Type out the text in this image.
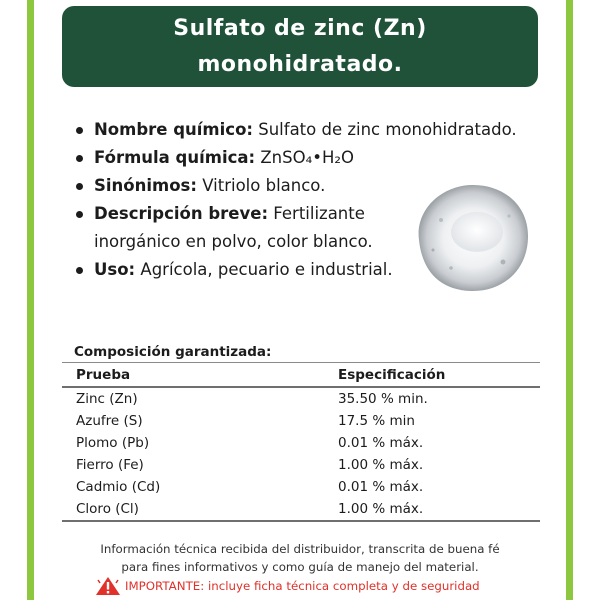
Sulfato de zinc (Zn)
monohidratado.
Nombre químico: Sulfato de zinc monohidratado.
Fórmula química: ZnSO₄•H₂O
Sinónimos: Vitriolo blanco.
Descripción breve: Fertilizante inorgánico en polvo, color blanco.
Uso: Agrícola, pecuario e industrial.
Composición garantizada:
Prueba	Especificación
Zinc (Zn)	35.50 % min.
Azufre (S)	17.5 % min
Plomo (Pb)	0.01 % máx.
Fierro (Fe)	1.00 % máx.
Cadmio (Cd)	0.01 % máx.
Cloro (Cl)	1.00 % máx.
Información técnica recibida del distribuidor, transcrita de buena fé
para fines informativos y como guía de manejo del material.
IMPORTANTE: incluye ficha técnica completa y de seguridad
